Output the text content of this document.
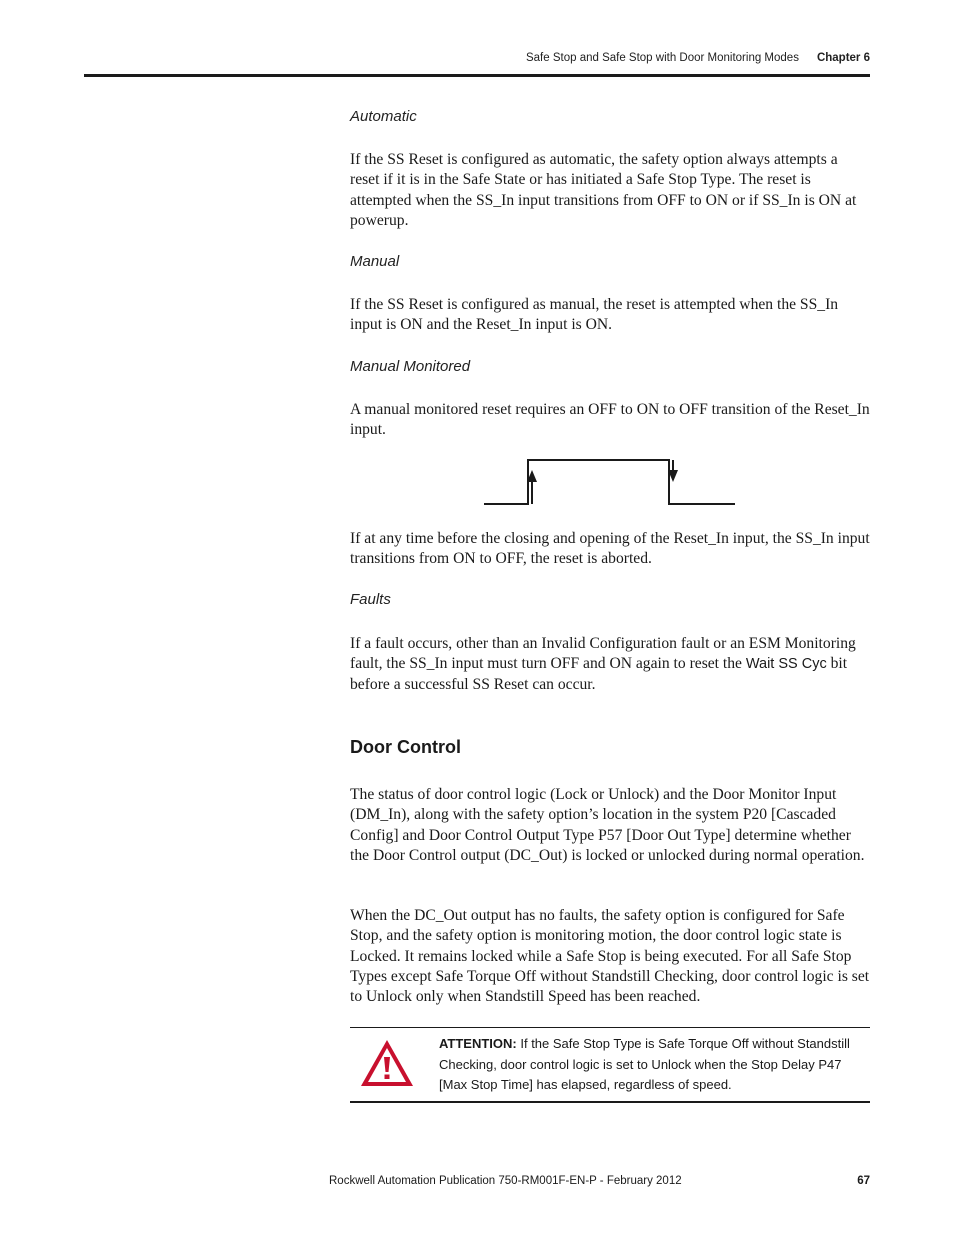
Safe Stop and Safe Stop with Door Monitoring Modes Chapter 6
Automatic

If the SS Reset is configured as automatic, the safety option always attempts a reset if it is in the Safe State or has initiated a Safe Stop Type. The reset is attempted when the SS_In input transitions from OFF to ON or if SS_In is ON at powerup.

Manual

If the SS Reset is configured as manual, the reset is attempted when the SS_In input is ON and the Reset_In input is ON.

Manual Monitored

A manual monitored reset requires an OFF to ON to OFF transition of the Reset_In input.

If at any time before the closing and opening of the Reset_In input, the SS_In input transitions from ON to OFF, the reset is aborted.

Faults

If a fault occurs, other than an Invalid Configuration fault or an ESM Monitoring fault, the SS_In input must turn OFF and ON again to reset the Wait SS Cyc bit before a successful SS Reset can occur.

Door Control

The status of door control logic (Lock or Unlock) and the Door Monitor Input (DM_In), along with the safety option’s location in the system P20 [Cascaded Config] and Door Control Output Type P57 [Door Out Type] determine whether the Door Control output (DC_Out) is locked or unlocked during normal operation.

When the DC_Out output has no faults, the safety option is configured for Safe Stop, and the safety option is monitoring motion, the door control logic state is Locked. It remains locked while a Safe Stop is being executed. For all Safe Stop Types except Safe Torque Off without Standstill Checking, door control logic is set to Unlock only when Standstill Speed has been reached.

ATTENTION: If the Safe Stop Type is Safe Torque Off without Standstill Checking, door control logic is set to Unlock when the Stop Delay P47 [Max Stop Time] has elapsed, regardless of speed.
Rockwell Automation Publication 750-RM001F-EN-P - February 2012	67
